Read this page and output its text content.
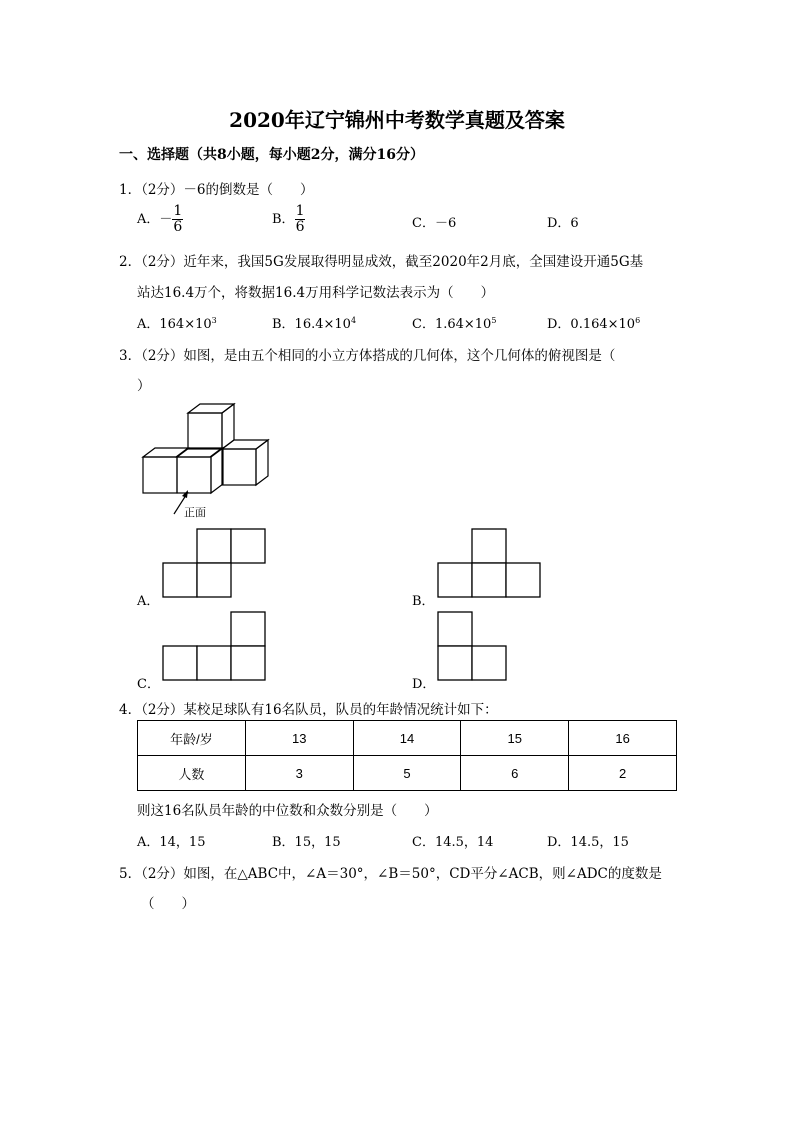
2020年辽宁锦州中考数学真题及答案
一、选择题（共8小题，每小题2分，满分16分）
1．（2分）－6的倒数是（　　）
A．－ $\frac{1}{6}$	B． $\frac{1}{6}$	C．－6	D．6
2．（2分）近年来，我国5G发展取得明显成效，截至2020年2月底，全国建设开通5G基
站达16.4万个，将数据16.4万用科学记数法表示为（　　）
A．$164\times 10^3$	B．$16.4\times 10^4$	C．$1.64\times 10^5$	D．$0.164\times 10^6$
3．（2分）如图，是由五个相同的小立方体搭成的几何体，这个几何体的俯视图是（
）
正面
A．	B．
C．	D．
4．（2分）某校足球队有16名队员，队员的年龄情况统计如下：
年龄/岁	13	14	15	16
人数	3	5	6	2
则这16名队员年龄的中位数和众数分别是（　　）
A．14，15	B．15，15	C．14.5，14	D．14.5，15
5．（2分）如图，在△ABC中，∠A＝30°，∠B＝50°，CD平分∠ACB，则∠ADC的度数是
（　　）
